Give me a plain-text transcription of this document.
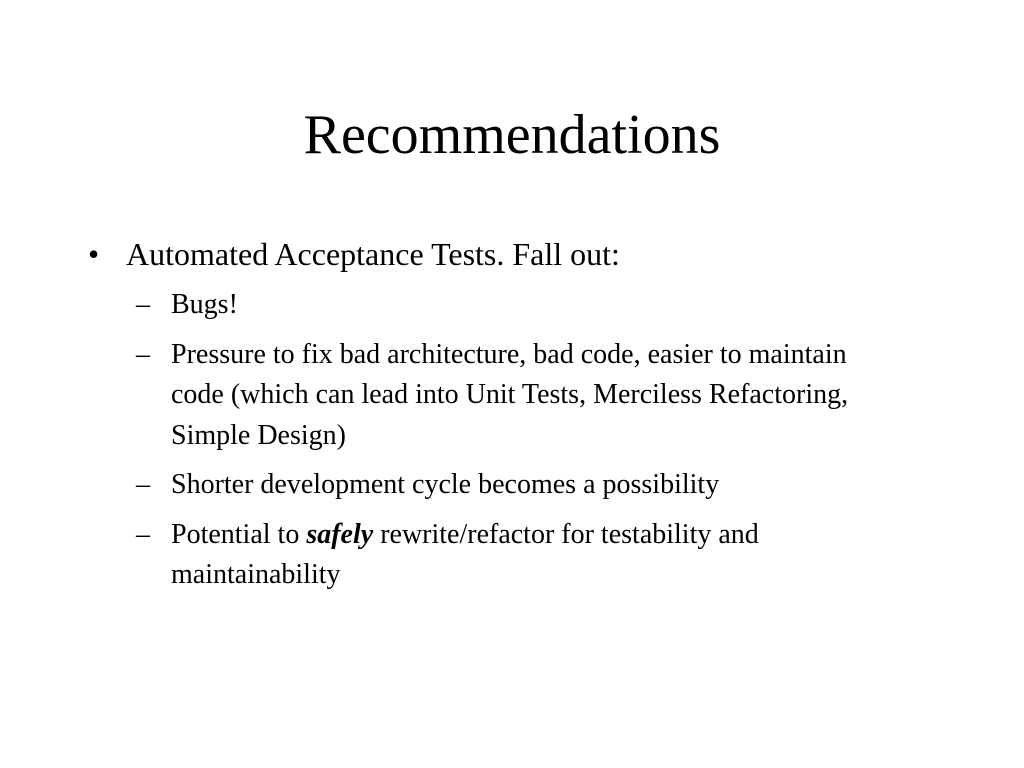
Recommendations
• Automated Acceptance Tests. Fall out:
– Bugs!
– Pressure to fix bad architecture, bad code, easier to maintain code (which can lead into Unit Tests, Merciless Refactoring, Simple Design)
– Shorter development cycle becomes a possibility
– Potential to safely rewrite/refactor for testability and maintainability
